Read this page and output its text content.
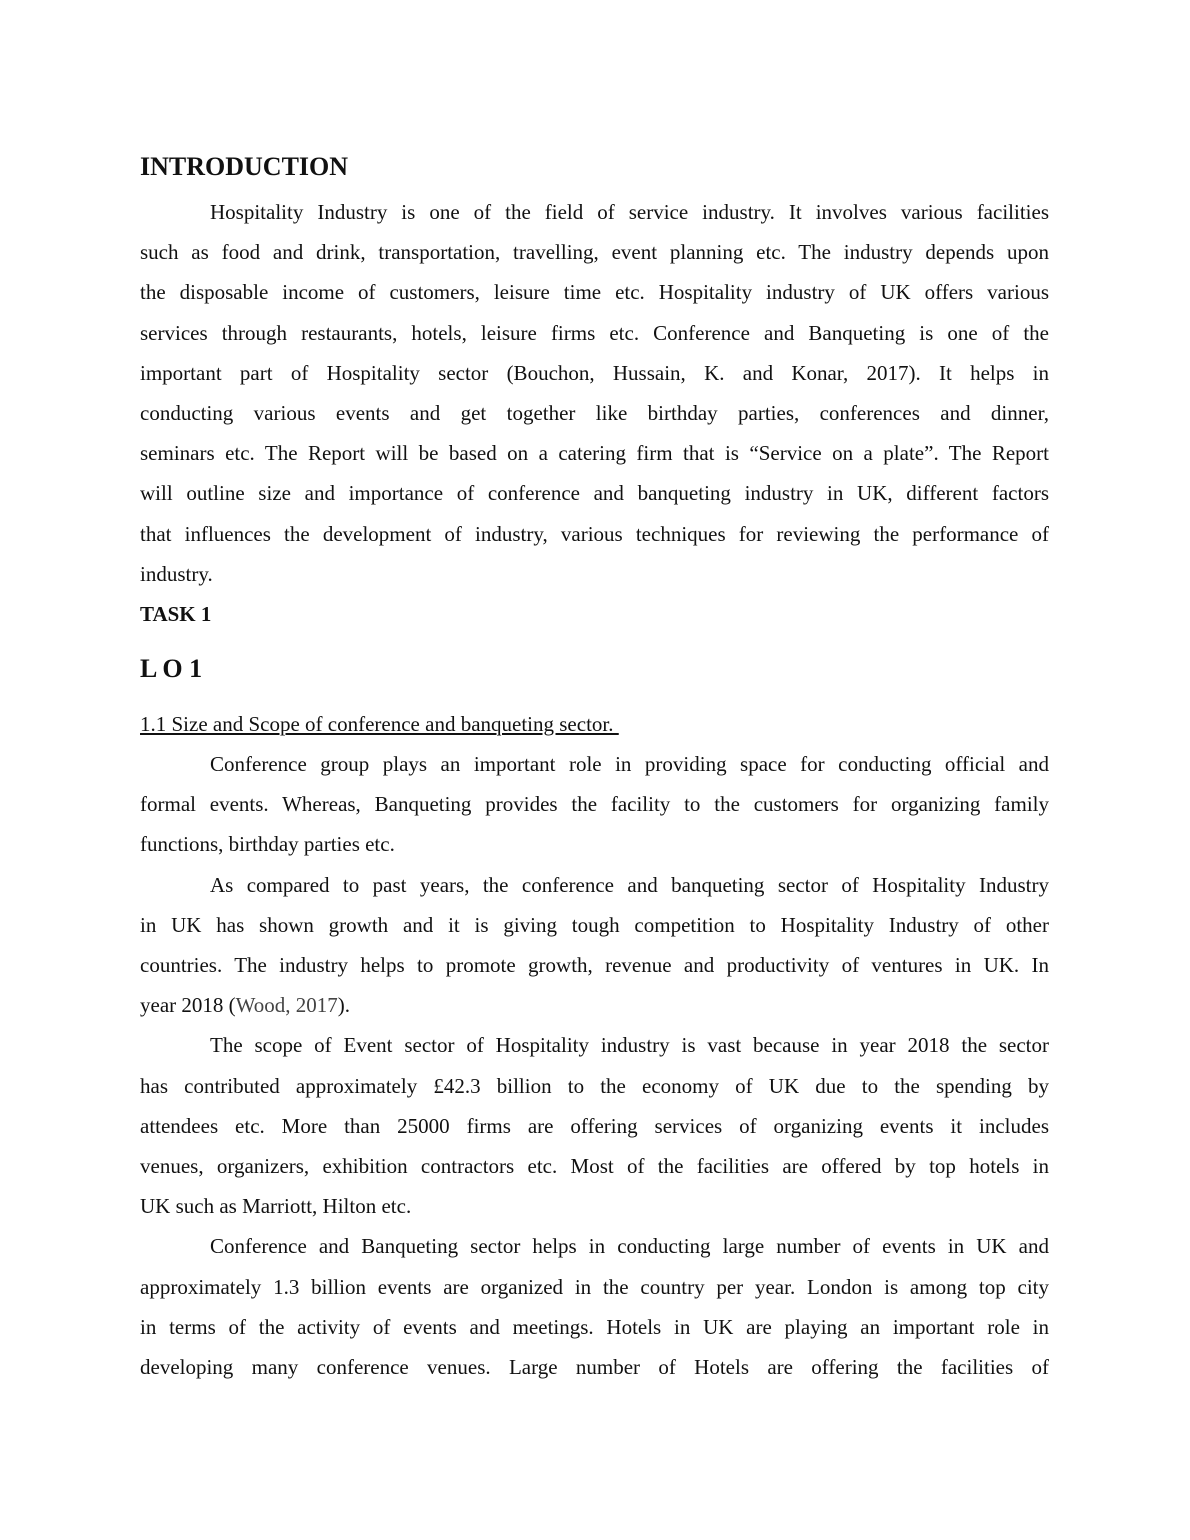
INTRODUCTION
Hospitality Industry is one of the field of service industry. It involves various facilities
such as food and drink, transportation, travelling, event planning etc. The industry depends upon
the disposable income of customers, leisure time etc. Hospitality industry of UK offers various
services through restaurants, hotels, leisure firms etc. Conference and Banqueting is one of the
important part of Hospitality sector (Bouchon, Hussain, K. and Konar, 2017). It helps in
conducting various events and get together like birthday parties, conferences and dinner,
seminars etc. The Report will be based on a catering firm that is “Service on a plate”. The Report
will outline size and importance of conference and banqueting industry in UK, different factors
that influences the development of industry, various techniques for reviewing the performance of
industry.
TASK 1
L O 1
1.1 Size and Scope of conference and banqueting sector.
Conference group plays an important role in providing space for conducting official and
formal events. Whereas, Banqueting provides the facility to the customers for organizing family
functions, birthday parties etc.
As compared to past years, the conference and banqueting sector of Hospitality Industry
in UK has shown growth and it is giving tough competition to Hospitality Industry of other
countries. The industry helps to promote growth, revenue and productivity of ventures in UK. In
year 2018 (Wood, 2017).
The scope of Event sector of Hospitality industry is vast because in year 2018 the sector
has contributed approximately £42.3 billion to the economy of UK due to the spending by
attendees etc. More than 25000 firms are offering services of organizing events it includes
venues, organizers, exhibition contractors etc. Most of the facilities are offered by top hotels in
UK such as Marriott, Hilton etc.
Conference and Banqueting sector helps in conducting large number of events in UK and
approximately 1.3 billion events are organized in the country per year. London is among top city
in terms of the activity of events and meetings. Hotels in UK are playing an important role in
developing many conference venues. Large number of Hotels are offering the facilities of
